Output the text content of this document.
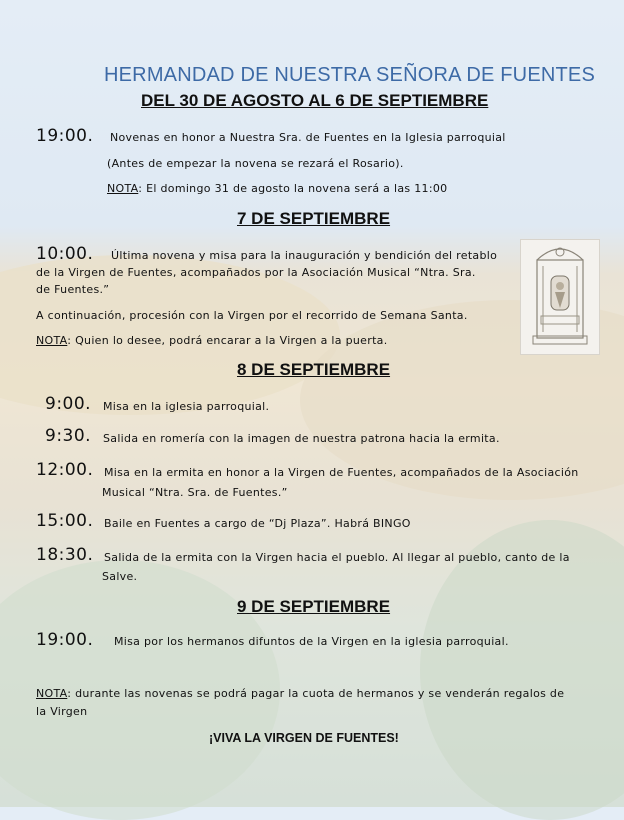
HERMANDAD DE NUESTRA SEÑORA DE FUENTES
DEL 30 DE AGOSTO AL 6 DE SEPTIEMBRE
19:00. Novenas en honor a Nuestra Sra. de Fuentes en la Iglesia parroquial
(Antes de empezar la novena se rezará el Rosario).
NOTA: El domingo 31 de agosto la novena será a las 11:00
7 DE SEPTIEMBRE
10:00. Última novena y misa para la inauguración y bendición del retablo
de la Virgen de Fuentes, acompañados por la Asociación Musical “Ntra. Sra.
de Fuentes.”
A continuación, procesión con la Virgen por el recorrido de Semana Santa.
NOTA: Quien lo desee, podrá encarar a la Virgen a la puerta.
8 DE SEPTIEMBRE
9:00. Misa en la iglesia parroquial.
9:30. Salida en romería con la imagen de nuestra patrona hacia la ermita.
12:00. Misa en la ermita en honor a la Virgen de Fuentes, acompañados de la Asociación
Musical “Ntra. Sra. de Fuentes.”
15:00. Baile en Fuentes a cargo de “Dj Plaza”. Habrá BINGO
18:30. Salida de la ermita con la Virgen hacia el pueblo. Al llegar al pueblo, canto de la
Salve.
9 DE SEPTIEMBRE
19:00. Misa por los hermanos difuntos de la Virgen en la iglesia parroquial.
NOTA: durante las novenas se podrá pagar la cuota de hermanos y se venderán regalos de
la Virgen
¡VIVA LA VIRGEN DE FUENTES!
